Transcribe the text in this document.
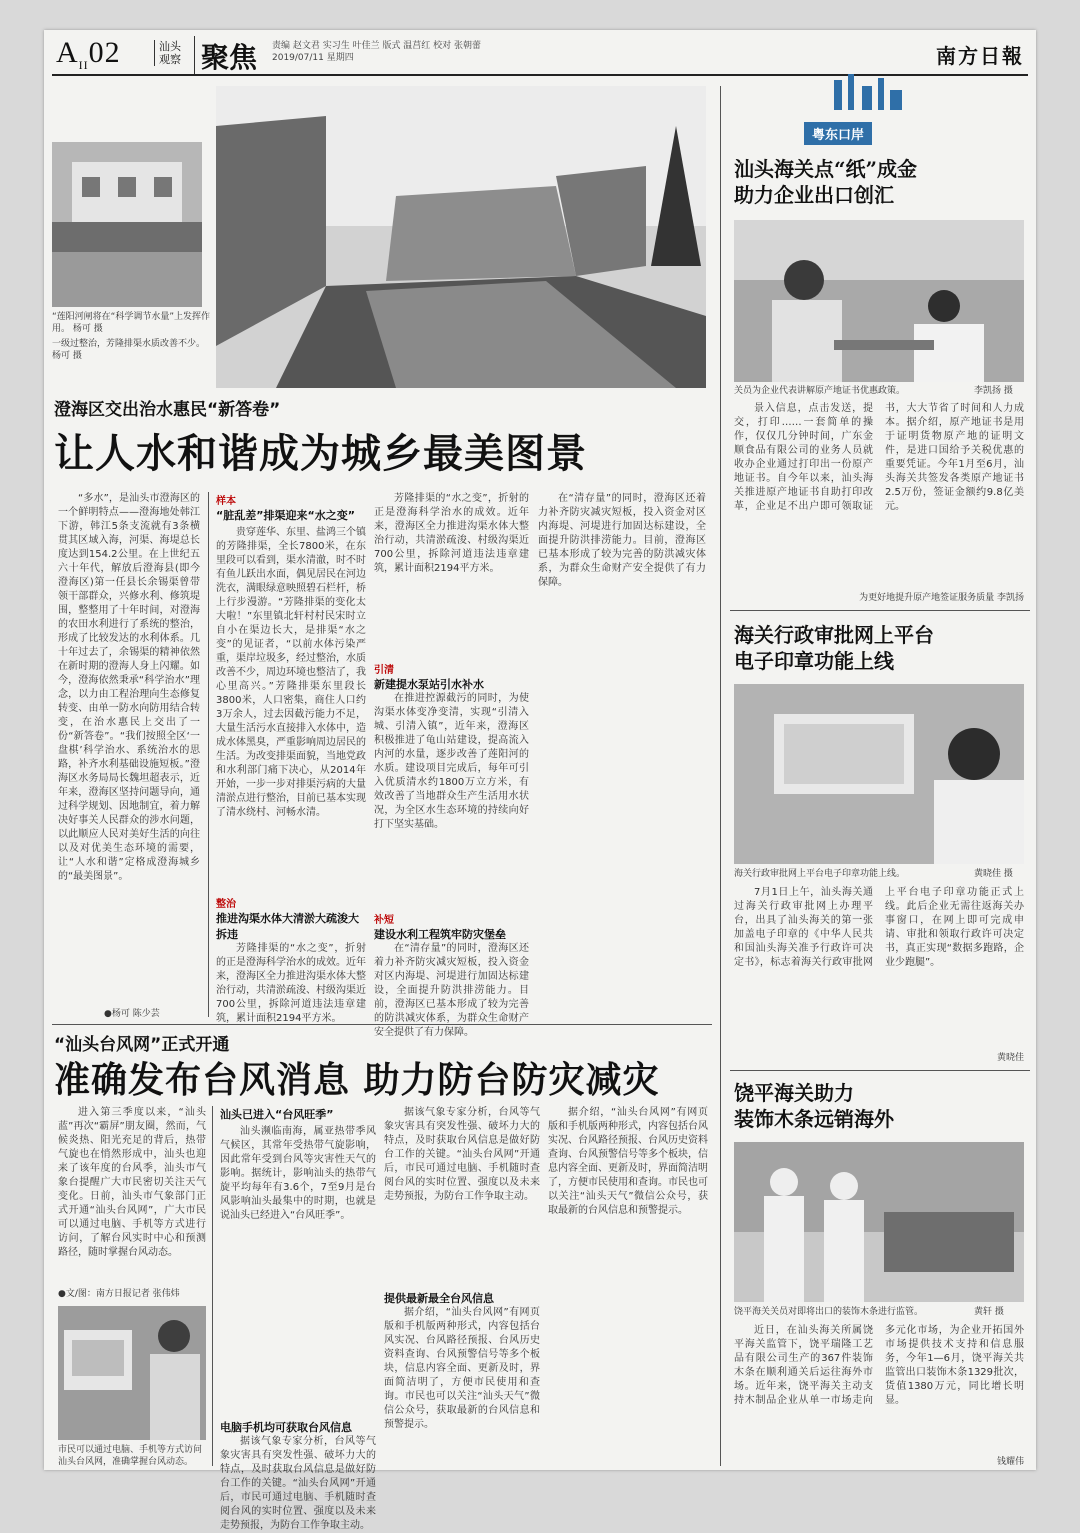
$A_{II}02$	汕头观察 聚焦 责编 赵文君 实习生 叶佳兰 版式 温莒红 校对 张朝蕾
2019/07/11 星期四	南方日報
“莲阳河闸将在“科学调节水量”上发挥作用。 杨可 摄
一级过整治，芳隆排渠水质改善不少。 杨可 摄
澄海区交出治水惠民“新答卷”
让人水和谐成为城乡最美图景
“多水”，是汕头市澄海区的一个鲜明特点——澄海地处韩江下游，韩江5条支流就有3条横贯其区域入海，河渠、海堤总长度达到154.2公里。在上世纪五六十年代，解放后澄海县(即今澄海区)第一任县长余锡渠曾带领干部群众，兴修水利、修筑堤围，整整用了十年时间，对澄海的农田水利进行了系统的整治，形成了比较发达的水利体系。几十年过去了，余锡渠的精神依然在新时期的澄海人身上闪耀。如今，澄海依然秉承“科学治水”理念，以力由工程治理向生态修复转变、由单一防水向防用结合转变，在治水惠民上交出了一份“新答卷”。“我们按照全区‘一盘棋’科学治水、系统治水的思路，补齐水利基础设施短板。”澄海区水务局局长魏坦超表示，近年来，澄海区坚持问题导向，通过科学规划、因地制宜，着力解决好事关人民群众的涉水问题，以此顺应人民对美好生活的向往以及对优美生态环境的需要，让“人水和谐”定格成澄海城乡的“最美图景”。
●杨可 陈少芸
样本
“脏乱差”排渠迎来“水之变”
贵穿莲华、东里、盐鸿三个镇的芳隆排渠，全长7800米，在东里段可以看到，渠水清澈，时不时有鱼儿跃出水面，偶见居民在河边洗衣，满眼绿意映照碧石栏杆，桥上行步漫游。“芳隆排渠的变化太大啦！”东里镇北轩村村民宋时立自小在渠边长大，是排渠“水之变”的见证者，“以前水体污染严重，渠岸垃圾多，经过整治，水质改善不少，周边环境也整洁了，我心里高兴。”芳隆排渠东里段长3800米，人口密集，商住人口约3万余人，过去因截污能力不足，大量生活污水直接排入水体中，造成水体黑臭，严重影响周边居民的生活。为改变排渠面貌，当地党政和水利部门痛下决心，从2014年开始，一步一步对排渠污病的大量清淤点进行整治，目前已基本实现了清水绕村、河畅水清。
整治
推进沟渠水体大清淤大疏浚大拆违
芳隆排渠的“水之变”，折射的正是澄海科学治水的成效。近年来，澄海区全力推进沟渠水体大整治行动，共清淤疏浚、村级沟渠近700公里，拆除河道违法违章建筑，累计面积2194平方米。
芳隆排渠的“水之变”，折射的正是澄海科学治水的成效。近年来，澄海区全力推进沟渠水体大整治行动，共清淤疏浚、村级沟渠近700公里，拆除河道违法违章建筑，累计面积2194平方米。
引清
新建提水泵站引水补水
在推进控源截污的同时，为使沟渠水体变净变清，实现“引清入城、引清入镇”，近年来，澄海区积极推进了龟山站建设，提高流入内河的水量，逐步改善了莲阳河的水质。建设项目完成后，每年可引入优质清水约1800万立方米，有效改善了当地群众生产生活用水状况，为全区水生态环境的持续向好打下坚实基础。
补短
建设水利工程筑牢防灾堡垒
在“清存量”的同时，澄海区还着力补齐防灾减灾短板，投入资金对区内海堤、河堤进行加固达标建设，全面提升防洪排涝能力。目前，澄海区已基本形成了较为完善的防洪减灾体系，为群众生命财产安全提供了有力保障。
在“清存量”的同时，澄海区还着力补齐防灾减灾短板，投入资金对区内海堤、河堤进行加固达标建设，全面提升防洪排涝能力。目前，澄海区已基本形成了较为完善的防洪减灾体系，为群众生命财产安全提供了有力保障。
“汕头台风网”正式开通
准确发布台风消息 助力防台防灾减灾
进入第三季度以来，“汕头蓝”再次“霸屏”朋友圈，然而，气候炎热、阳光充足的背后，热带气旋也在悄然形成中，汕头也迎来了该年度的台风季，汕头市气象台提醒广大市民密切关注天气变化。日前，汕头市气象部门正式开通“汕头台风网”，广大市民可以通过电脑、手机等方式进行访问，了解台风实时中心和预测路径，随时掌握台风动态。
●文/图：南方日报记者 张伟炜
市民可以通过电脑、手机等方式访问汕头台风网，准确掌握台风动态。
汕头已进入“台风旺季”
汕头濒临南海，属亚热带季风气候区，其常年受热带气旋影响，因此常年受到台风等灾害性天气的影响。据统计，影响汕头的热带气旋平均每年有3.6个，7至9月是台风影响汕头最集中的时期，也就是说汕头已经进入“台风旺季”。
电脑手机均可获取台风信息
据该气象专家分析，台风等气象灾害具有突发性强、破坏力大的特点，及时获取台风信息是做好防台工作的关键。“汕头台风网”开通后，市民可通过电脑、手机随时查阅台风的实时位置、强度以及未来走势预报，为防台工作争取主动。
据该气象专家分析，台风等气象灾害具有突发性强、破坏力大的特点，及时获取台风信息是做好防台工作的关键。“汕头台风网”开通后，市民可通过电脑、手机随时查阅台风的实时位置、强度以及未来走势预报，为防台工作争取主动。
提供最新最全台风信息
据介绍，“汕头台风网”有网页版和手机版两种形式，内容包括台风实况、台风路径预报、台风历史资料查询、台风预警信号等多个板块，信息内容全面、更新及时，界面简洁明了，方便市民使用和查询。市民也可以关注“汕头天气”微信公众号，获取最新的台风信息和预警提示。
据介绍，“汕头台风网”有网页版和手机版两种形式，内容包括台风实况、台风路径预报、台风历史资料查询、台风预警信号等多个板块，信息内容全面、更新及时，界面简洁明了，方便市民使用和查询。市民也可以关注“汕头天气”微信公众号，获取最新的台风信息和预警提示。
粤东口岸
汕头海关点“纸”成金
助力企业出口创汇
关员为企业代表讲解原产地证书优惠政策。	李凯扬 摄
景入信息，点击发送，提交，打印……一套简单的操作，仅仅几分钟时间，广东金顺食品有限公司的业务人员就收办企业通过打印出一份原产地证书。自今年以来，汕头海关推进原产地证书自助打印改革，企业足不出户即可领取证书，大大节省了时间和人力成本。据介绍，原产地证书是用于证明货物原产地的证明文件，是进口国给予关税优惠的重要凭证。今年1月至6月，汕头海关共签发各类原产地证书2.5万份，签证金额约9.8亿美元。
为更好地提升原产地签证服务质量 李凯扬
海关行政审批网上平台
电子印章功能上线
海关行政审批网上平台电子印章功能上线。	黄晓佳 摄
7月1日上午，汕头海关通过海关行政审批网上办理平台，出具了汕头海关的第一张加盖电子印章的《中华人民共和国汕头海关准予行政许可决定书》，标志着海关行政审批网上平台电子印章功能正式上线。此后企业无需往返海关办事窗口，在网上即可完成申请、审批和领取行政许可决定书，真正实现“数据多跑路，企业少跑腿”。
黄晓佳
饶平海关助力
装饰木条远销海外
饶平海关关员对即将出口的装饰木条进行监管。	黄轩 摄
近日，在汕头海关所属饶平海关监管下，饶平瑞隆工艺品有限公司生产的367件装饰木条在顺利通关后运往海外市场。近年来，饶平海关主动支持木制品企业从单一市场走向多元化市场，为企业开拓国外市场提供技术支持和信息服务，今年1—6月，饶平海关共监管出口装饰木条1329批次，货值1380万元，同比增长明显。
钱耀伟
